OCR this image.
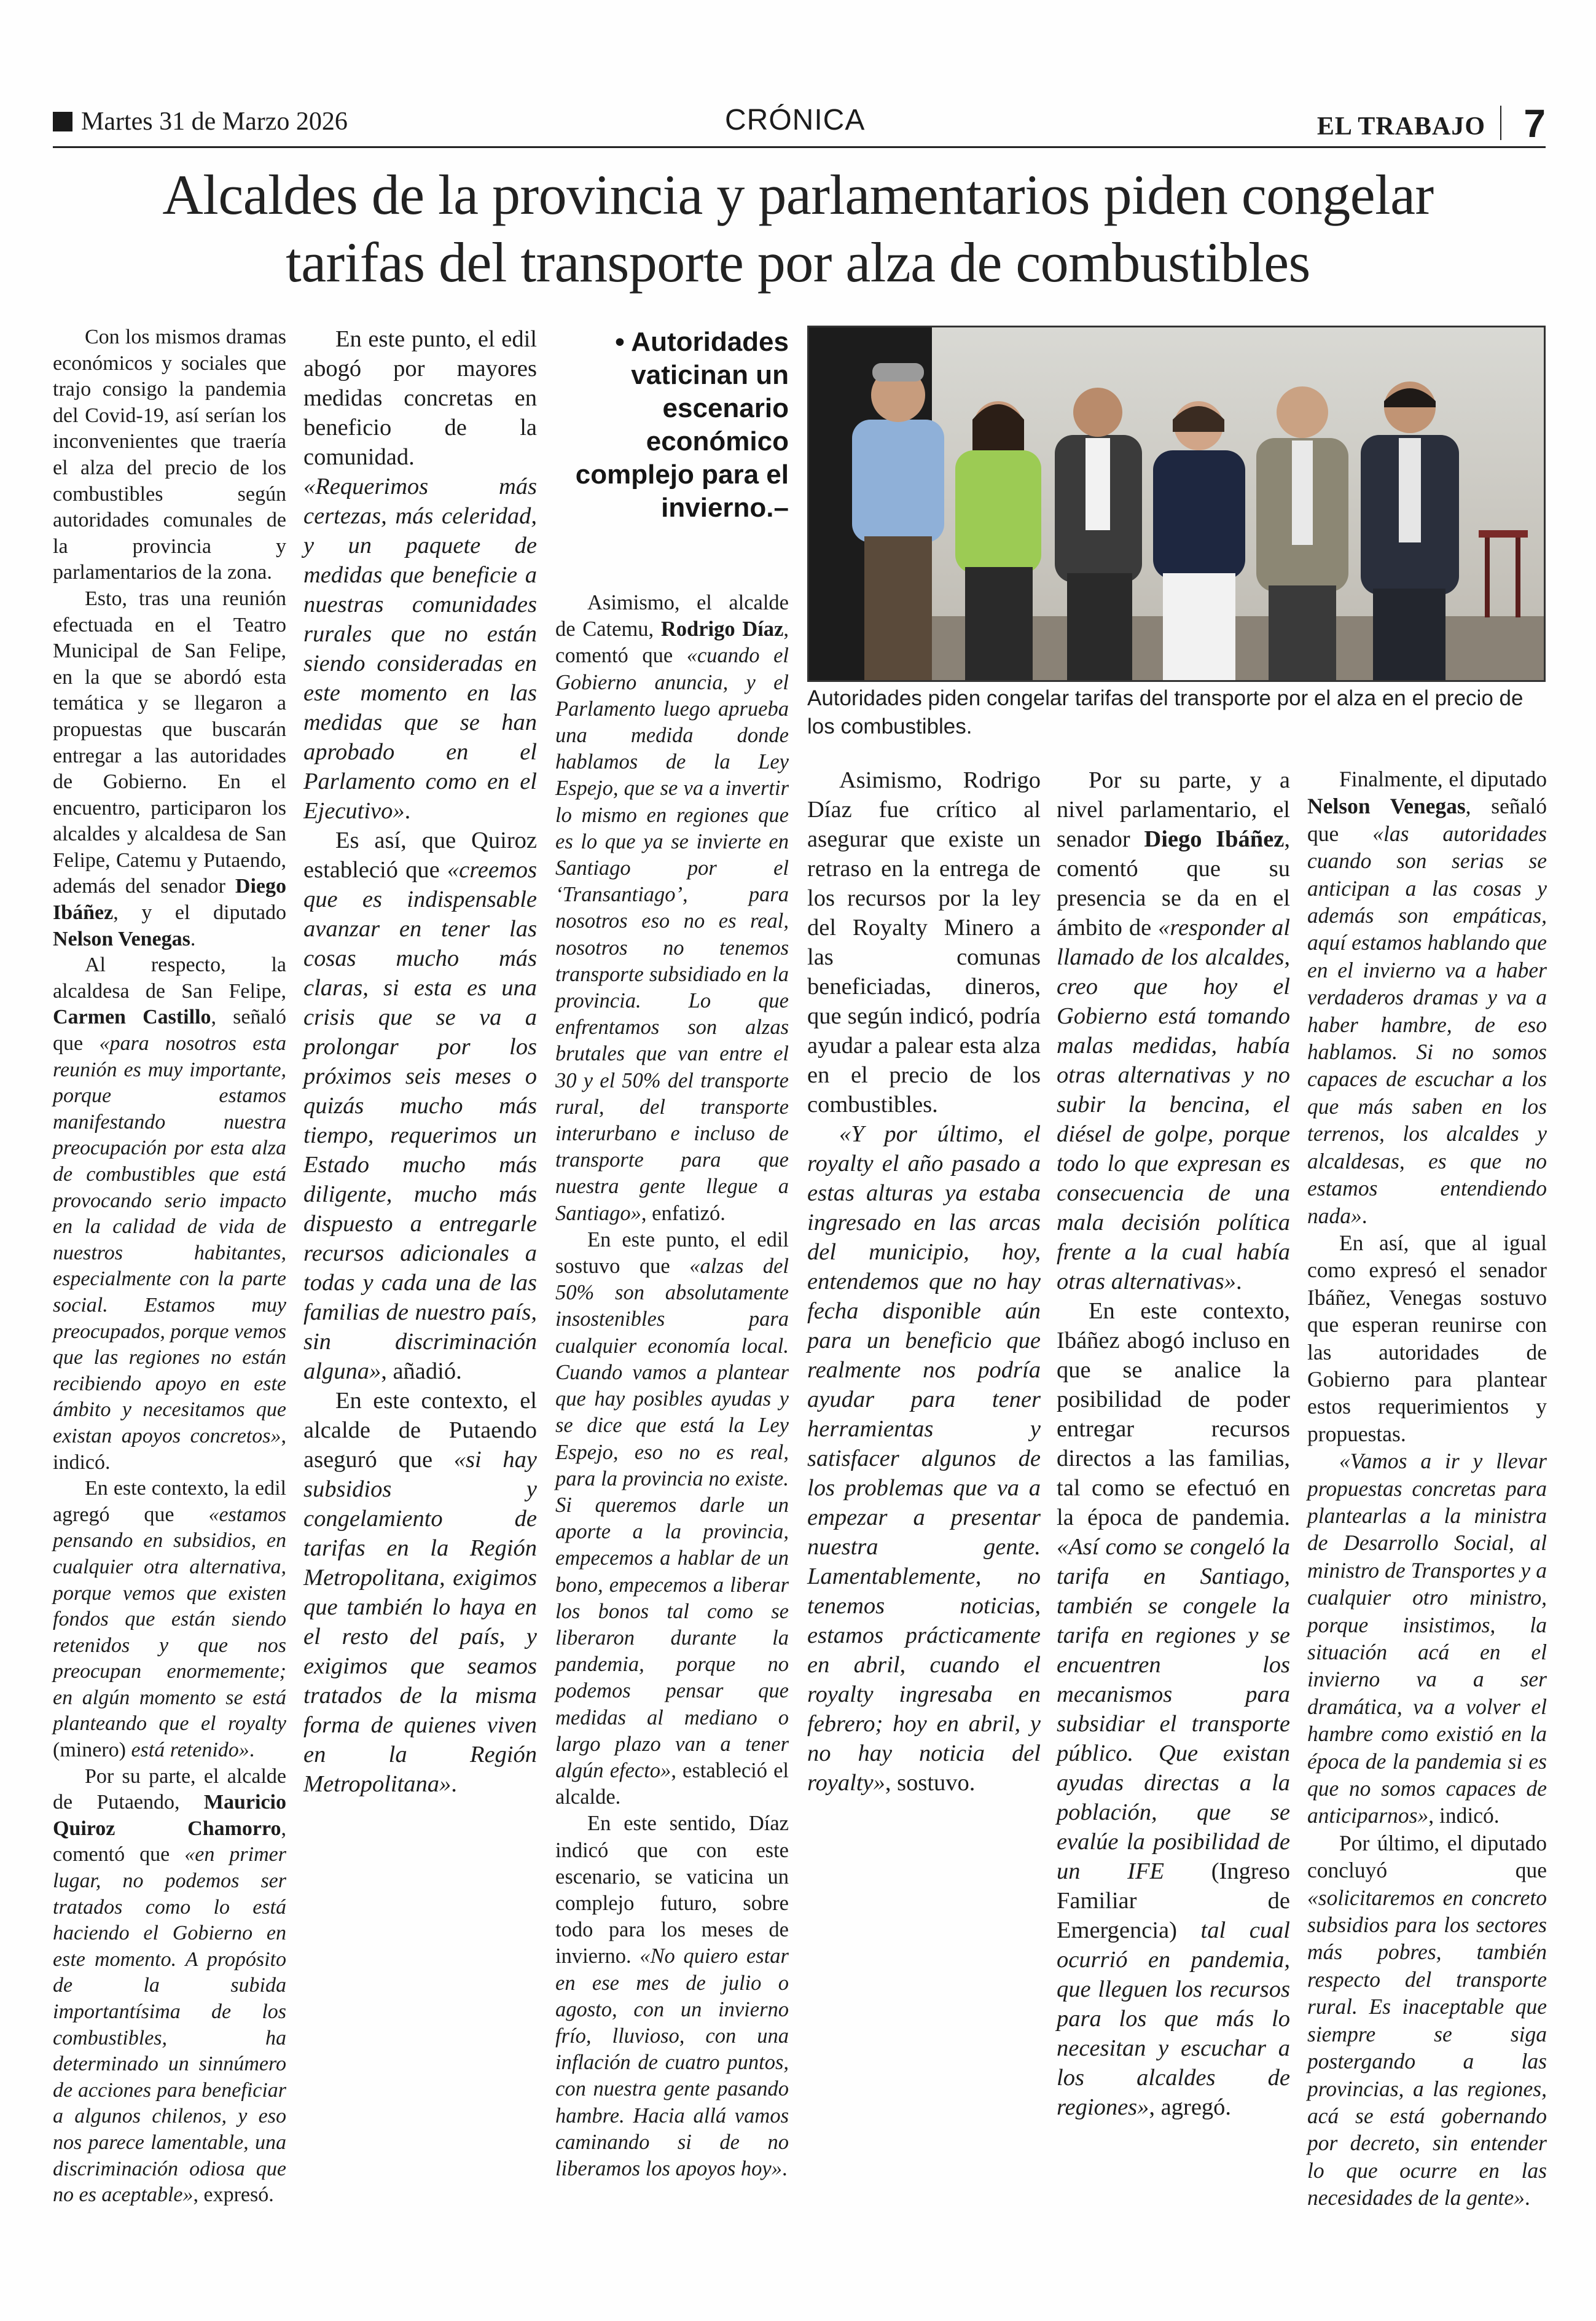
Martes 31 de Marzo 2026	CRÓNICA	EL TRABAJO 7
Alcaldes de la provincia y parlamentarios piden congelar
tarifas del transporte por alza de combustibles

Con los mismos dramas económicos y sociales que trajo consigo la pandemia del Covid-19, así serían los inconvenientes que traería el alza del precio de los combustibles según autoridades comunales de la provincia y parlamentarios de la zona.

Esto, tras una reunión efectuada en el Teatro Municipal de San Felipe, en la que se abordó esta temática y se llegaron a propuestas que buscarán entregar a las autoridades de Gobierno. En el encuentro, participaron los alcaldes y alcaldesa de San Felipe, Catemu y Putaendo, además del senador Diego Ibáñez, y el diputado Nelson Venegas.

Al respecto, la alcaldesa de San Felipe, Carmen Castillo, señaló que «para nosotros esta reunión es muy importante, porque estamos manifestando nuestra preocupación por esta alza de combustibles que está provocando serio impacto en la calidad de vida de nuestros habitantes, especialmente con la parte social. Estamos muy preocupados, porque vemos que las regiones no están recibiendo apoyo en este ámbito y necesitamos que existan apoyos concretos», indicó.

En este contexto, la edil agregó que «estamos pensando en subsidios, en cualquier otra alternativa, porque vemos que existen fondos que están siendo retenidos y que nos preocupan enormemente; en algún momento se está planteando que el royalty (minero) está retenido».

Por su parte, el alcalde de Putaendo, Mauricio Quiroz Chamorro, comentó que «en primer lugar, no podemos ser tratados como lo está haciendo el Gobierno en este momento. A propósito de la subida importantísima de los combustibles, ha determinado un sinnúmero de acciones para beneficiar a algunos chilenos, y eso nos parece lamentable, una discriminación odiosa que no es aceptable», expresó.

En este punto, el edil abogó por mayores medidas concretas en beneficio de la comunidad. «Requerimos más certezas, más celeridad, y un paquete de medidas que beneficie a nuestras comunidades rurales que no están siendo consideradas en este momento en las medidas que se han aprobado en el Parlamento como en el Ejecutivo».

Es así, que Quiroz estableció que «creemos que es indispensable avanzar en tener las cosas mucho más claras, si esta es una crisis que se va a prolongar por los próximos seis meses o quizás mucho más tiempo, requerimos un Estado mucho más diligente, mucho más dispuesto a entregarle recursos adicionales a todas y cada una de las familias de nuestro país, sin discriminación alguna», añadió.

En este contexto, el alcalde de Putaendo aseguró que «si hay subsidios y congelamiento de tarifas en la Región Metropolitana, exigimos que también lo haya en el resto del país, y exigimos que seamos tratados de la misma forma de quienes viven en la Región Metropolitana».

• Autoridades vaticinan un escenario económico complejo para el invierno.–

Asimismo, el alcalde de Catemu, Rodrigo Díaz, comentó que «cuando el Gobierno anuncia, y el Parlamento luego aprueba una medida donde hablamos de la Ley Espejo, que se va a invertir lo mismo en regiones que es lo que ya se invierte en Santiago por el ‘Transantiago’, para nosotros eso no es real, nosotros no tenemos transporte subsidiado en la provincia. Lo que enfrentamos son alzas brutales que van entre el 30 y el 50% del transporte rural, del transporte interurbano e incluso de transporte para que nuestra gente llegue a Santiago», enfatizó.

En este punto, el edil sostuvo que «alzas del 50% son absolutamente insostenibles para cualquier economía local. Cuando vamos a plantear que hay posibles ayudas y se dice que está la Ley Espejo, eso no es real, para la provincia no existe. Si queremos darle un aporte a la provincia, empecemos a hablar de un bono, empecemos a liberar los bonos tal como se liberaron durante la pandemia, porque no podemos pensar que medidas al mediano o largo plazo van a tener algún efecto», estableció el alcalde.

En este sentido, Díaz indicó que con este escenario, se vaticina un complejo futuro, sobre todo para los meses de invierno. «No quiero estar en ese mes de julio o agosto, con un invierno frío, lluvioso, con una inflación de cuatro puntos, con nuestra gente pasando hambre. Hacia allá vamos caminando si de no liberamos los apoyos hoy».

Autoridades piden congelar tarifas del transporte por el alza en el precio de los combustibles.

Asimismo, Rodrigo Díaz fue crítico al asegurar que existe un retraso en la entrega de los recursos por la ley del Royalty Minero a las comunas beneficiadas, dineros, que según indicó, podría ayudar a palear esta alza en el precio de los combustibles.

«Y por último, el royalty el año pasado a estas alturas ya estaba ingresado en las arcas del municipio, hoy, entendemos que no hay fecha disponible aún para un beneficio que realmente nos podría ayudar para tener herramientas y satisfacer algunos de los problemas que va a empezar a presentar nuestra gente. Lamentablemente, no tenemos noticias, estamos prácticamente en abril, cuando el royalty ingresaba en febrero; hoy en abril, y no hay noticia del royalty», sostuvo.

Por su parte, y a nivel parlamentario, el senador Diego Ibáñez, comentó que su presencia se da en el ámbito de «responder al llamado de los alcaldes, creo que hoy el Gobierno está tomando malas medidas, había otras alternativas y no subir la bencina, el diésel de golpe, porque todo lo que expresan es consecuencia de una mala decisión política frente a la cual había otras alternativas».

En este contexto, Ibáñez abogó incluso en que se analice la posibilidad de poder entregar recursos directos a las familias, tal como se efectuó en la época de pandemia. «Así como se congeló la tarifa en Santiago, también se congele la tarifa en regiones y se encuentren los mecanismos para subsidiar el transporte público. Que existan ayudas directas a la población, que se evalúe la posibilidad de un IFE (Ingreso Familiar de Emergencia) tal cual ocurrió en pandemia, que lleguen los recursos para los que más lo necesitan y escuchar a los alcaldes de regiones», agregó.

Finalmente, el diputado Nelson Venegas, señaló que «las autoridades cuando son serias se anticipan a las cosas y además son empáticas, aquí estamos hablando que en el invierno va a haber verdaderos dramas y va a haber hambre, de eso hablamos. Si no somos capaces de escuchar a los que más saben en los terrenos, los alcaldes y alcaldesas, es que no estamos entendiendo nada».

En así, que al igual como expresó el senador Ibáñez, Venegas sostuvo que esperan reunirse con las autoridades de Gobierno para plantear estos requerimientos y propuestas.

«Vamos a ir y llevar propuestas concretas para plantearlas a la ministra de Desarrollo Social, al ministro de Transportes y a cualquier otro ministro, porque insistimos, la situación acá en el invierno va a ser dramática, va a volver el hambre como existió en la época de la pandemia si es que no somos capaces de anticiparnos», indicó.

Por último, el diputado concluyó que «solicitaremos en concreto subsidios para los sectores más pobres, también respecto del transporte rural. Es inaceptable que siempre se siga postergando a las provincias, a las regiones, acá se está gobernando por decreto, sin entender lo que ocurre en las necesidades de la gente».
